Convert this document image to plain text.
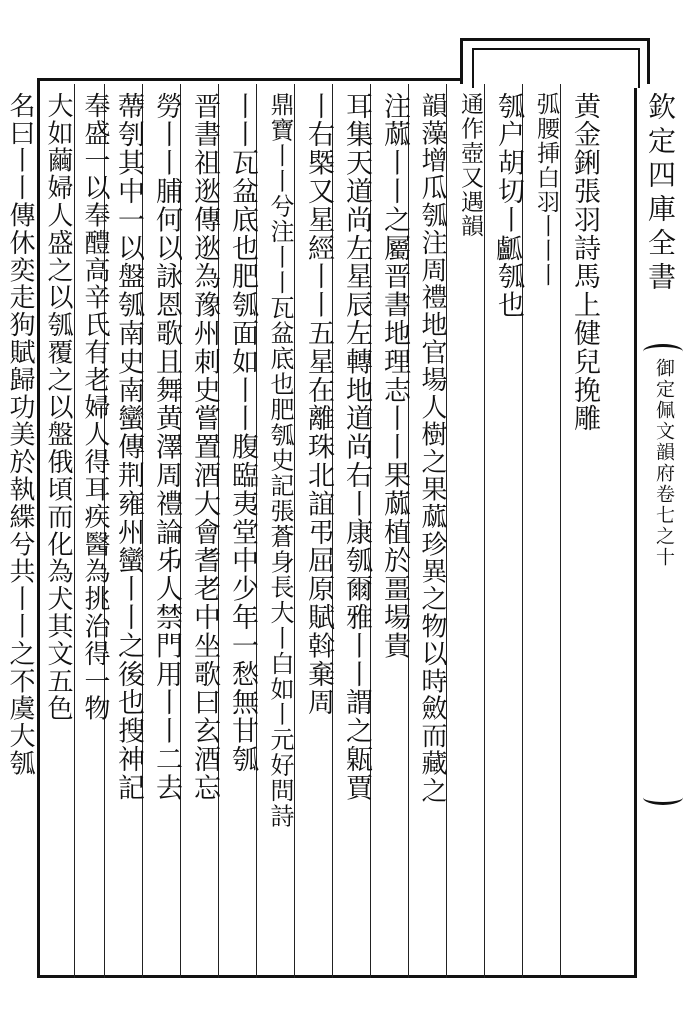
欽定四庫全書
御定佩文韻府卷七之十
黄金鋓張羽詩馬上健兒挽雕
弧腰挿白羽丨丨丨
瓠户胡切丨𤬛瓠也
通作壺又遇韻
韻藻增瓜瓠注周禮地官場人樹之果蓏珍異之物以時斂而藏之
注蓏丨丨之屬晋書地理志丨丨果蓏植於畺場貴
耳集天道尚左星辰左轉地道尚右丨康瓠爾雅丨丨謂之甈賈
丨右槩又星經丨丨五星在離珠北誼弔屈原賦斡棄周
鼎寶丨丨兮注丨丨瓦盆底也肥瓠史記張蒼身長大丨白如丨元好問詩
丨丨瓦盆底也肥瓠面如丨丨腹臨夷堂中少年一愁無甘瓠
晋書祖逖傳逖為豫州刺史嘗置酒大會耆老中坐歌曰玄酒忘
勞丨丨脯何以詠恩歌且舞黄澤周禮論𠂔人禁門用丨丨二去
蔕刳其中一以盤瓠南史南蠻傳荆雍州蠻丨丨之後也搜神記
奉盛一以奉醴高辛氏有老婦人得耳疾醫為挑治得一物
大如繭婦人盛之以瓠覆之以盤俄頃而化為犬其文五色
名曰丨丨傳休奕走狗賦歸功美於執緤兮共丨丨之不虞大瓠
